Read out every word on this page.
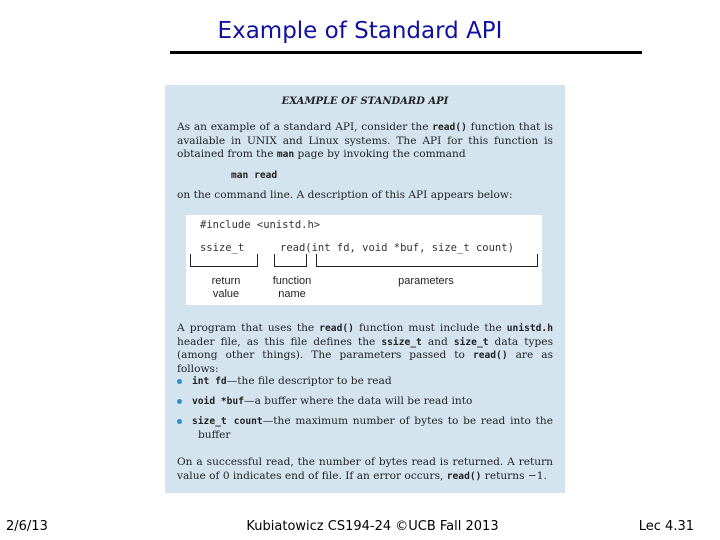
Example of Standard API
EXAMPLE OF STANDARD API
As an example of a standard API, consider the read() function that is available in UNIX and Linux systems. The API for this function is obtained from the man page by invoking the command
man read
on the command line. A description of this API appears below:
#include <unistd.h>
ssize_t	read(int fd, void *buf, size_t count)
return
value
function
name
parameters
A program that uses the read() function must include the unistd.h header file, as this file defines the ssize_t and size_t data types (among other things). The parameters passed to read() are as follows:
int fd—the file descriptor to be read
void *buf—a buffer where the data will be read into
size_t count—the maximum number of bytes to be read into the buffer
On a successful read, the number of bytes read is returned. A return value of 0 indicates end of file. If an error occurs, read() returns −1.
2/6/13	Kubiatowicz CS194-24 ©UCB Fall 2013	Lec 4.31
